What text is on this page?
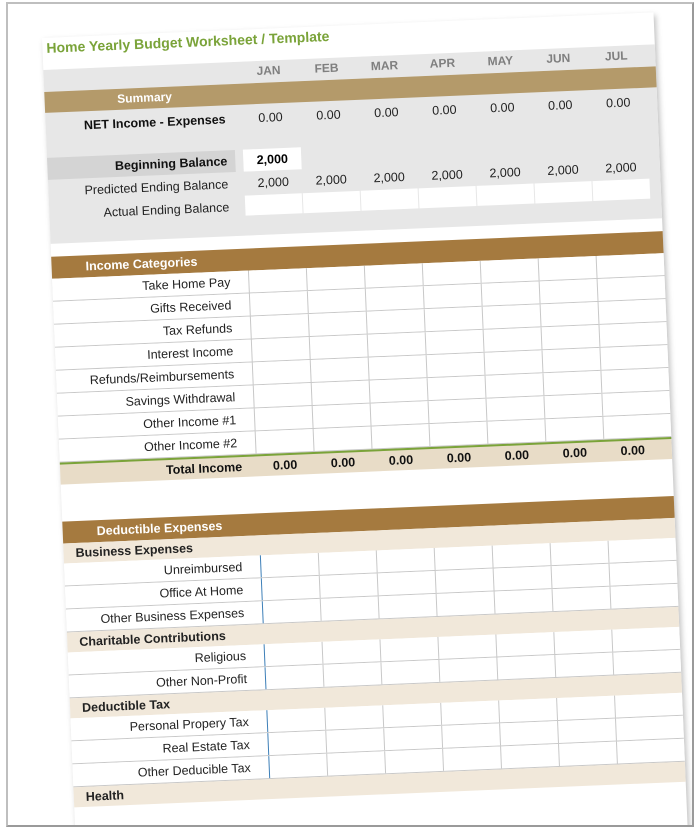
Home Yearly Budget Worksheet / Template
JAN	FEB	MAR	APR	MAY	JUN	JUL
Summary
NET Income - Expenses	0.00	0.00	0.00	0.00	0.00	0.00	0.00
Beginning Balance	2,000
Predicted Ending Balance	2,000	2,000	2,000	2,000	2,000	2,000	2,000
Actual Ending Balance
Income Categories
Deductible Expenses
Take Home Pay
Gifts Received
Tax Refunds
Interest Income
Refunds/Reimbursements
Savings Withdrawal
Other Income #1
Other Income #2
Total Income	0.00	0.00	0.00	0.00	0.00	0.00	0.00
Business Expenses
Unreimbursed
Office At Home
Other Business Expenses
Charitable Contributions
Religious
Other Non-Profit
Deductible Tax
Personal Propery Tax
Real Estate Tax
Other Deducible Tax
Health
